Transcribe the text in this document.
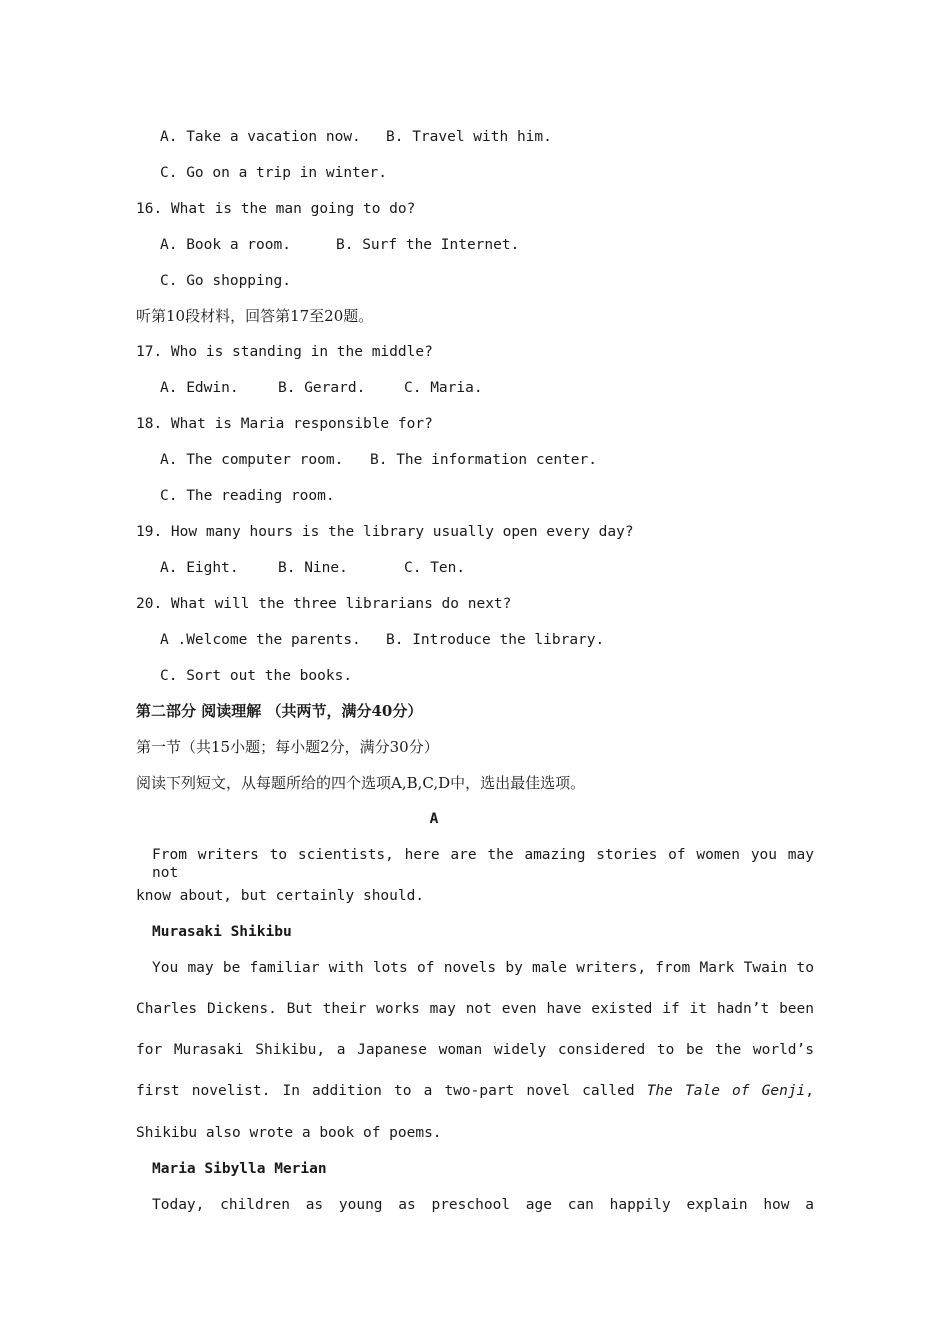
A. Take a vacation now. B. Travel with him.
C. Go on a trip in winter.
16. What is the man going to do?
A. Book a room.	B. Surf the Internet.
C. Go shopping.
听第10段材料，回答第17至20题。
17. Who is standing in the middle?
A. Edwin.	B. Gerard.	C. Maria.
18. What is Maria responsible for?
A. The computer room. B. The information center.
C. The reading room.
19. How many hours is the library usually open every day?
A. Eight.	B. Nine.	C. Ten.
20. What will the three librarians do next?
A .Welcome the parents. B. Introduce the library.
C. Sort out the books.
第二部分 阅读理解 （共两节，满分40分）
第一节（共15小题；每小题2分，满分30分）
阅读下列短文，从每题所给的四个选项A,B,C,D中，选出最佳选项。
A
From writers to scientists, here are the amazing stories of women you may not
know about, but certainly should.
Murasaki Shikibu
You may be familiar with lots of novels by male writers, from Mark Twain to
Charles Dickens. But their works may not even have existed if it hadn’t been
for Murasaki Shikibu, a Japanese woman widely considered to be the world’s
first novelist. In addition to a two-part novel called The Tale of Genji,
Shikibu also wrote a book of poems.
Maria Sibylla Merian
Today, children as young as preschool age can happily explain how a
